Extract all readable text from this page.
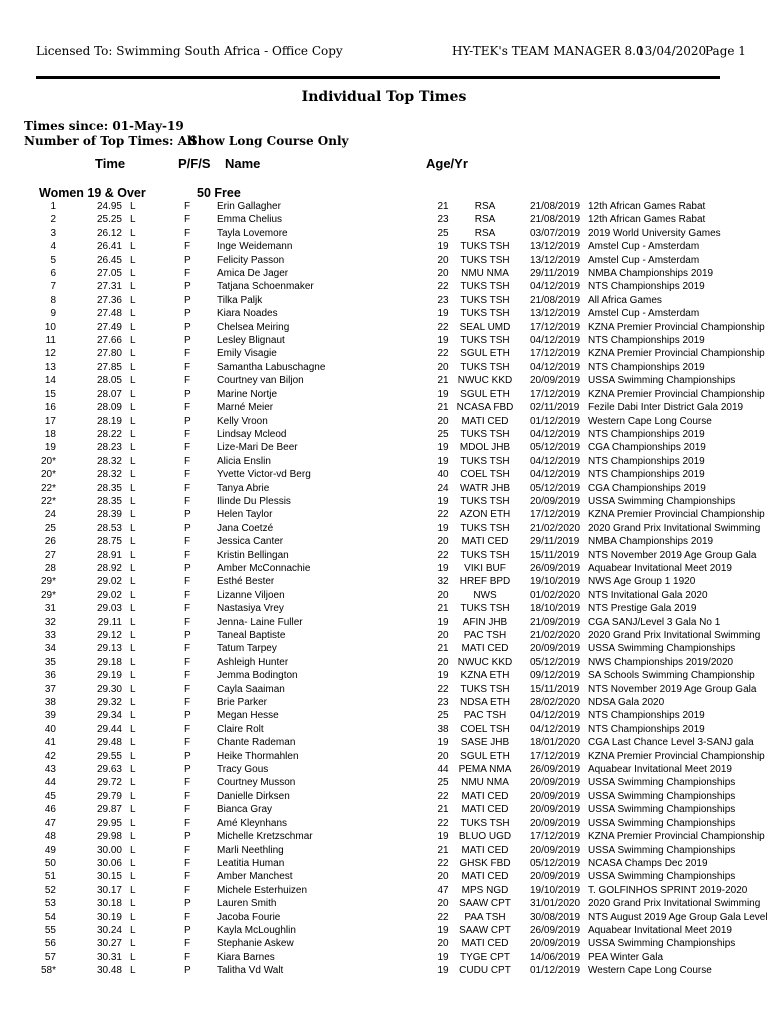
Licensed To: Swimming South Africa - Office Copy	HY-TEK's TEAM MANAGER 8.0
13/04/2020
Page 1
Individual Top Times
Times since: 01-May-19
Number of Top Times: All
Show Long Course Only
Time	P/F/S Name	Age/Yr
Women 19 & Over	50 Free
1	24.95 L	F	Erin Gallagher	21	RSA	21/08/2019 12th African Games Rabat
2	25.25 L	F	Emma Chelius	23	RSA	21/08/2019 12th African Games Rabat
3	26.12 L	F	Tayla Lovemore	25	RSA	03/07/2019 2019 World University Games
4	26.41 L	F	Inge Weidemann	19	TUKS TSH	13/12/2019 Amstel Cup - Amsterdam
5	26.45 L	P	Felicity Passon	20	TUKS TSH	13/12/2019 Amstel Cup - Amsterdam
6	27.05 L	F	Amica De Jager	20	NMU NMA	29/11/2019 NMBA Championships 2019
7	27.31 L	P	Tatjana Schoenmaker	22	TUKS TSH	04/12/2019 NTS Championships 2019
8	27.36 L	P	Tilka Paljk	23	TUKS TSH	21/08/2019 All Africa Games
9	27.48 L	P	Kiara Noades	19	TUKS TSH	13/12/2019 Amstel Cup - Amsterdam
10	27.49 L	P	Chelsea Meiring	22	SEAL UMD	17/12/2019 KZNA Premier Provincial Championship
11	27.66 L	P	Lesley Blignaut	19	TUKS TSH	04/12/2019 NTS Championships 2019
12	27.80 L	F	Emily Visagie	22	SGUL ETH	17/12/2019 KZNA Premier Provincial Championship
13	27.85 L	F	Samantha Labuschagne	20	TUKS TSH	04/12/2019 NTS Championships 2019
14	28.05 L	F	Courtney van Biljon	21 NWUC KKD 20/09/2019 USSA Swimming Championships
15	28.07 L	P	Marine Nortje	19	SGUL ETH	17/12/2019 KZNA Premier Provincial Championship
16	28.09 L	F	Marné Meier	21 NCASA FBD 02/11/2019 Fezile Dabi Inter District Gala 2019
17	28.19 L	P	Kelly Vroon	20	MATI CED	01/12/2019 Western Cape Long Course
18	28.22 L	F	Lindsay Mcleod	25	TUKS TSH	04/12/2019 NTS Championships 2019
19	28.23 L	F	Lize-Mari De Beer	19	MDOL JHB	05/12/2019 CGA Championships 2019
20*	28.32 L	F	Alicia Enslin	19	TUKS TSH	04/12/2019 NTS Championships 2019
20*	28.32 L	F	Yvette Victor-vd Berg	40	COEL TSH	04/12/2019 NTS Championships 2019
22*	28.35 L	F	Tanya Abrie	24	WATR JHB	05/12/2019 CGA Championships 2019
22*	28.35 L	F	Ilinde Du Plessis	19	TUKS TSH	20/09/2019 USSA Swimming Championships
24	28.39 L	P	Helen Taylor	22	AZON ETH	17/12/2019 KZNA Premier Provincial Championship
25	28.53 L	P	Jana Coetzé	19	TUKS TSH	21/02/2020 2020 Grand Prix Invitational Swimming
26	28.75 L	F	Jessica Canter	20	MATI CED	29/11/2019 NMBA Championships 2019
27	28.91 L	F	Kristin Bellingan	22	TUKS TSH	15/11/2019 NTS November 2019 Age Group Gala
28	28.92 L	P	Amber McConnachie	19	VIKI BUF	26/09/2019 Aquabear Invitational Meet 2019
29*	29.02 L	F	Esthé Bester	32	HREF BPD	19/10/2019 NWS Age Group 1 1920
29*	29.02 L	F	Lizanne Viljoen	20	NWS	01/02/2020 NTS Invitational Gala 2020
31	29.03 L	F	Nastasiya Vrey	21	TUKS TSH	18/10/2019 NTS Prestige Gala 2019
32	29.11 L	F	Jenna- Laine Fuller	19	AFIN JHB	21/09/2019 CGA SANJ/Level 3 Gala No 1
33	29.12 L	P	Taneal Baptiste	20	PAC TSH	21/02/2020 2020 Grand Prix Invitational Swimming
34	29.13 L	F	Tatum Tarpey	21	MATI CED	20/09/2019 USSA Swimming Championships
35	29.18 L	F	Ashleigh Hunter	20 NWUC KKD 05/12/2019 NWS Championships 2019/2020
36	29.19 L	F	Jemma Bodington	19	KZNA ETH	09/12/2019 SA Schools Swimming Championship
37	29.30 L	F	Cayla Saaiman	22	TUKS TSH	15/11/2019 NTS November 2019 Age Group Gala
38	29.32 L	F	Brie Parker	23	NDSA ETH	28/02/2020 NDSA Gala 2020
39	29.34 L	P	Megan Hesse	25	PAC TSH	04/12/2019 NTS Championships 2019
40	29.44 L	F	Claire Rolt	38	COEL TSH	04/12/2019 NTS Championships 2019
41	29.48 L	F	Chante Rademan	19	SASE JHB	18/01/2020 CGA Last Chance Level 3-SANJ gala
42	29.55 L	P	Heike Thormahlen	20	SGUL ETH	17/12/2019 KZNA Premier Provincial Championship
43	29.63 L	P	Tracy Gous	44	PEMA NMA	26/09/2019 Aquabear Invitational Meet 2019
44	29.72 L	F	Courtney Musson	25	NMU NMA	20/09/2019 USSA Swimming Championships
45	29.79 L	F	Danielle Dirksen	22	MATI CED	20/09/2019 USSA Swimming Championships
46	29.87 L	F	Bianca Gray	21	MATI CED	20/09/2019 USSA Swimming Championships
47	29.95 L	F	Amé Kleynhans	22	TUKS TSH	20/09/2019 USSA Swimming Championships
48	29.98 L	P	Michelle Kretzschmar	19	BLUO UGD	17/12/2019 KZNA Premier Provincial Championship
49	30.00 L	F	Marli Neethling	21	MATI CED	20/09/2019 USSA Swimming Championships
50	30.06 L	F	Leatitia Human	22	GHSK FBD	05/12/2019 NCASA Champs Dec 2019
51	30.15 L	F	Amber Manchest	20	MATI CED	20/09/2019 USSA Swimming Championships
52	30.17 L	F	Michele Esterhuizen	47	MPS NGD	19/10/2019 T. GOLFINHOS SPRINT 2019-2020
53	30.18 L	P	Lauren Smith	20	SAAW CPT	31/01/2020 2020 Grand Prix Invitational Swimming
54	30.19 L	F	Jacoba Fourie	22	PAA TSH	30/08/2019 NTS August 2019 Age Group Gala Level
55	30.24 L	P	Kayla McLoughlin	19	SAAW CPT	26/09/2019 Aquabear Invitational Meet 2019
56	30.27 L	F	Stephanie Askew	20	MATI CED	20/09/2019 USSA Swimming Championships
57	30.31 L	F	Kiara Barnes	19	TYGE CPT	14/06/2019 PEA Winter Gala
58*	30.48 L	P	Talitha Vd Walt	19	CUDU CPT	01/12/2019 Western Cape Long Course
